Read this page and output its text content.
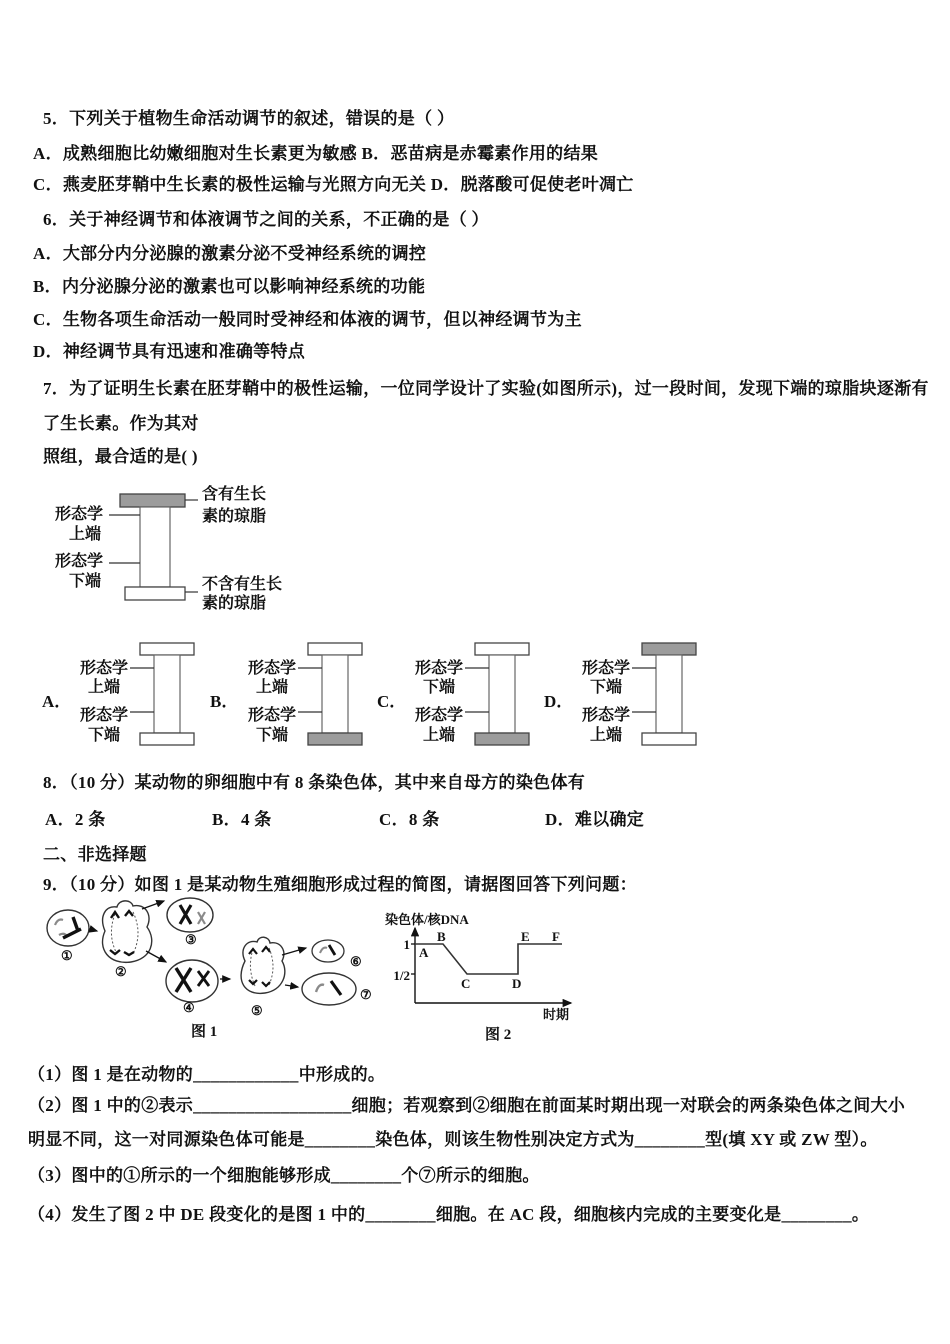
5．下列关于植物生命活动调节的叙述，错误的是（ ）
A．成熟细胞比幼嫩细胞对生长素更为敏感 B．恶苗病是赤霉素作用的结果
C．燕麦胚芽鞘中生长素的极性运输与光照方向无关 D．脱落酸可促使老叶凋亡
6．关于神经调节和体液调节之间的关系，不正确的是（ ）
A．大部分内分泌腺的激素分泌不受神经系统的调控
B．内分泌腺分泌的激素也可以影响神经系统的功能
C．生物各项生命活动一般同时受神经和体液的调节，但以神经调节为主
D．神经调节具有迅速和准确等特点
7．为了证明生长素在胚芽鞘中的极性运输，一位同学设计了实验(如图所示)，过一段时间，发现下端的琼脂块逐渐有
了生长素。作为其对
照组，最合适的是( )
形态学
上端
形态学
下端
含有生长
素的琼脂
不含有生长
素的琼脂
A．
形态学
上端
形态学
下端
B．
形态学
上端
形态学
下端
C．
形态学
下端
形态学
上端
D．
形态学
下端
形态学
上端
8．（10 分）某动物的卵细胞中有 8 条染色体，其中来自母方的染色体有
A．2 条	B．4 条	C．8 条	D．难以确定
二、非选择题
9．（10 分）如图 1 是某动物生殖细胞形成过程的简图，请据图回答下列问题：
①
②
③
④	⑤
⑥
⑦
图 1
染色体/核DNA
1
1/2
A
B
C	D
E F
时期
图 2
（1）图 1 是在动物的____________中形成的。
（2）图 1 中的②表示__________________细胞；若观察到②细胞在前面某时期出现一对联会的两条染色体之间大小
明显不同，这一对同源染色体可能是________染色体，则该生物性别决定方式为________型(填 XY 或 ZW 型）。
（3）图中的①所示的一个细胞能够形成________个⑦所示的细胞。
（4）发生了图 2 中 DE 段变化的是图 1 中的________细胞。在 AC 段，细胞核内完成的主要变化是________。
